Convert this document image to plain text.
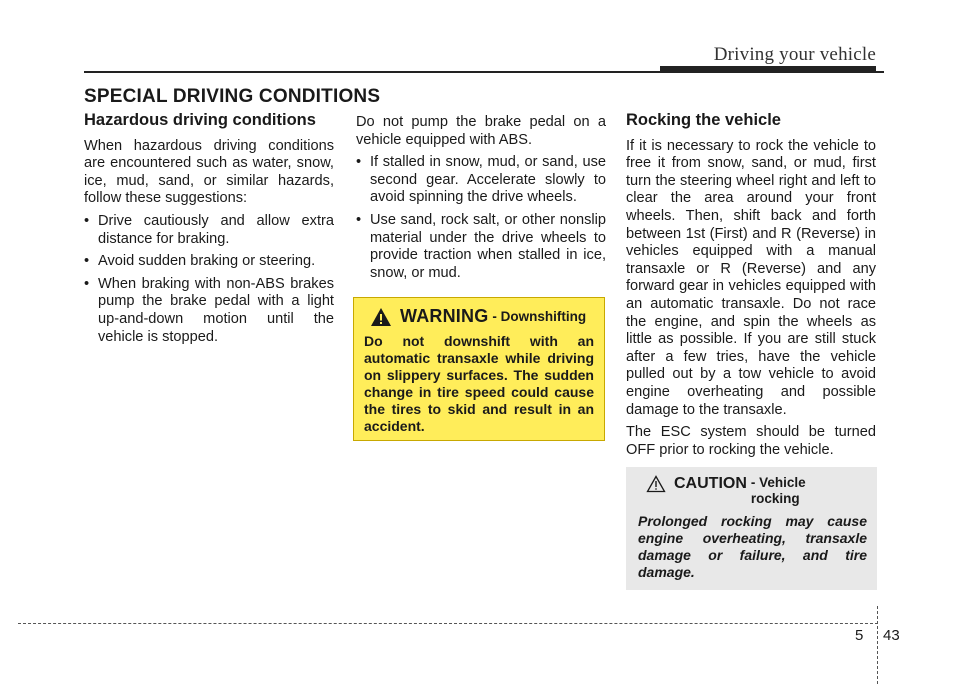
Driving your vehicle
SPECIAL DRIVING CONDITIONS
Hazardous driving conditions

When hazardous driving conditions are encountered such as water, snow, ice, mud, sand, or similar hazards, follow these suggestions:

• Drive cautiously and allow extra distance for braking.
• Avoid sudden braking or steering.
• When braking with non-ABS brakes pump the brake pedal with a light up-and-down motion until the vehicle is stopped.

Do not pump the brake pedal on a vehicle equipped with ABS.

• If stalled in snow, mud, or sand, use second gear. Accelerate slowly to avoid spinning the drive wheels.
• Use sand, rock salt, or other nonslip material under the drive wheels to provide traction when stalled in ice, snow, or mud.
WARNING - Downshifting
Do not downshift with an automatic transaxle while driving on slippery surfaces. The sudden change in tire speed could cause the tires to skid and result in an accident.
Rocking the vehicle

If it is necessary to rock the vehicle to free it from snow, sand, or mud, first turn the steering wheel right and left to clear the area around your front wheels. Then, shift back and forth between 1st (First) and R (Reverse) in vehicles equipped with a manual transaxle or R (Reverse) and any forward gear in vehicles equipped with an automatic transaxle. Do not race the engine, and spin the wheels as little as possible. If you are still stuck after a few tries, have the vehicle pulled out by a tow vehicle to avoid engine overheating and possible damage to the transaxle.

The ESC system should be turned OFF prior to rocking the vehicle.

CAUTION - Vehicle rocking
Prolonged rocking may cause engine overheating, transaxle damage or failure, and tire damage.
5 43
